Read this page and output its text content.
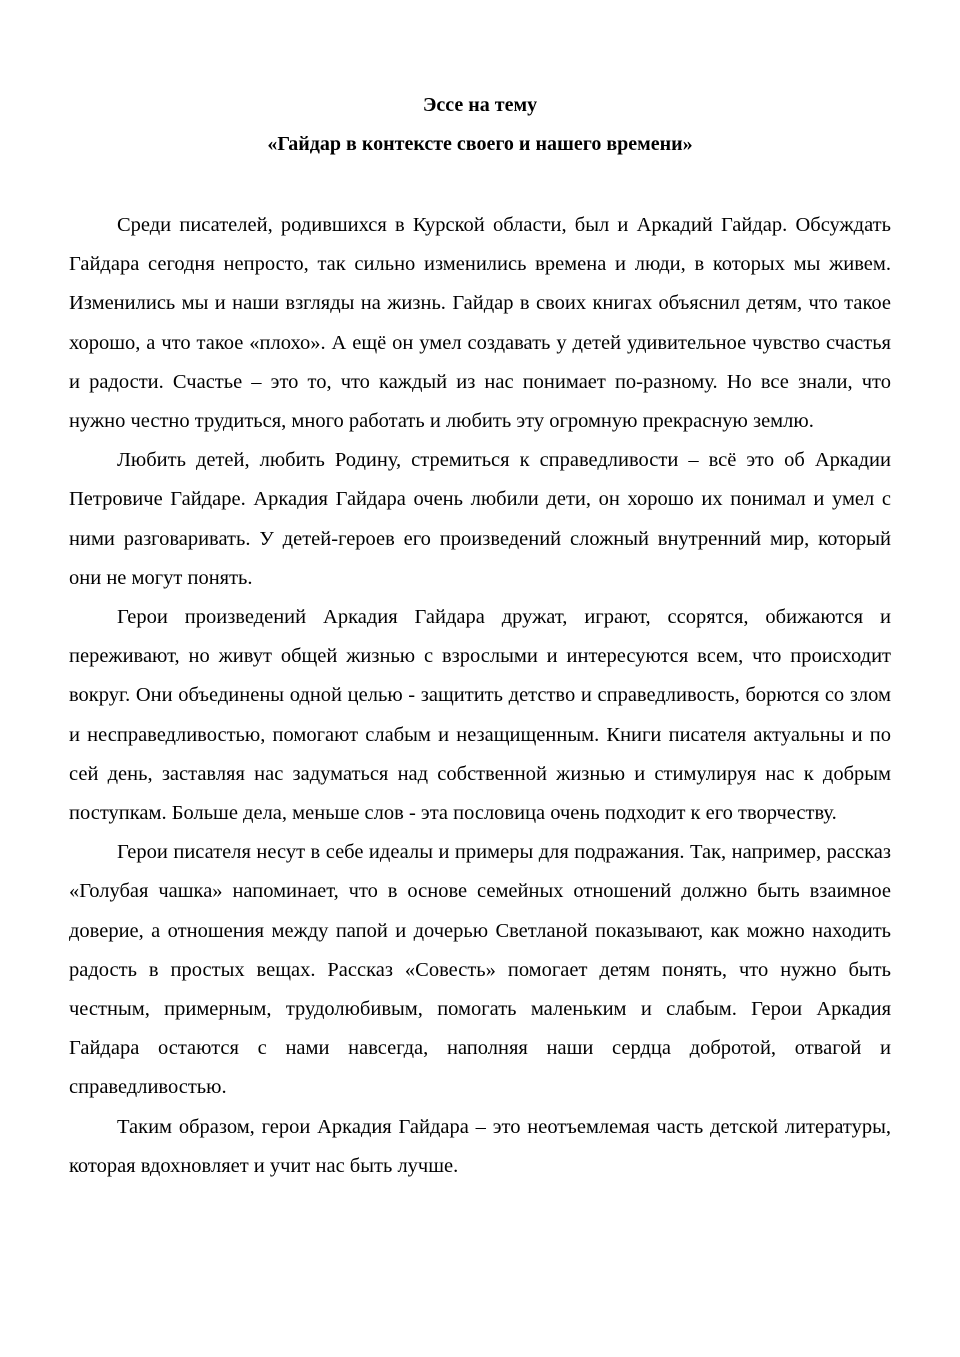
Эссе на тему

«Гайдар в контексте своего и нашего времени»

Среди писателей, родившихся в Курской области, был и Аркадий Гайдар. Обсуждать Гайдара сегодня непросто, так сильно изменились времена и люди, в которых мы живем. Изменились мы и наши взгляды на жизнь. Гайдар в своих книгах объяснил детям, что такое хорошо, а что такое «плохо». А ещё он умел создавать у детей удивительное чувство счастья и радости. Счастье – это то, что каждый из нас понимает по-разному. Но все знали, что нужно честно трудиться, много работать и любить эту огромную прекрасную землю.

Любить детей, любить Родину, стремиться к справедливости – всё это об Аркадии Петровиче Гайдаре. Аркадия Гайдара очень любили дети, он хорошо их понимал и умел с ними разговаривать. У детей-героев его произведений сложный внутренний мир, который они не могут понять.

Герои произведений Аркадия Гайдара дружат, играют, ссорятся, обижаются и переживают, но живут общей жизнью с взрослыми и интересуются всем, что происходит вокруг. Они объединены одной целью - защитить детство и справедливость, борются со злом и несправедливостью, помогают слабым и незащищенным. Книги писателя актуальны и по сей день, заставляя нас задуматься над собственной жизнью и стимулируя нас к добрым поступкам. Больше дела, меньше слов - эта пословица очень подходит к его творчеству.

Герои писателя несут в себе идеалы и примеры для подражания. Так, например, рассказ «Голубая чашка» напоминает, что в основе семейных отношений должно быть взаимное доверие, а отношения между папой и дочерью Светланой показывают, как можно находить радость в простых вещах. Рассказ «Совесть» помогает детям понять, что нужно быть честным, примерным, трудолюбивым, помогать маленьким и слабым. Герои Аркадия Гайдара остаются с нами навсегда, наполняя наши сердца добротой, отвагой и справедливостью.

Таким образом, герои Аркадия Гайдара – это неотъемлемая часть детской литературы, которая вдохновляет и учит нас быть лучше.
